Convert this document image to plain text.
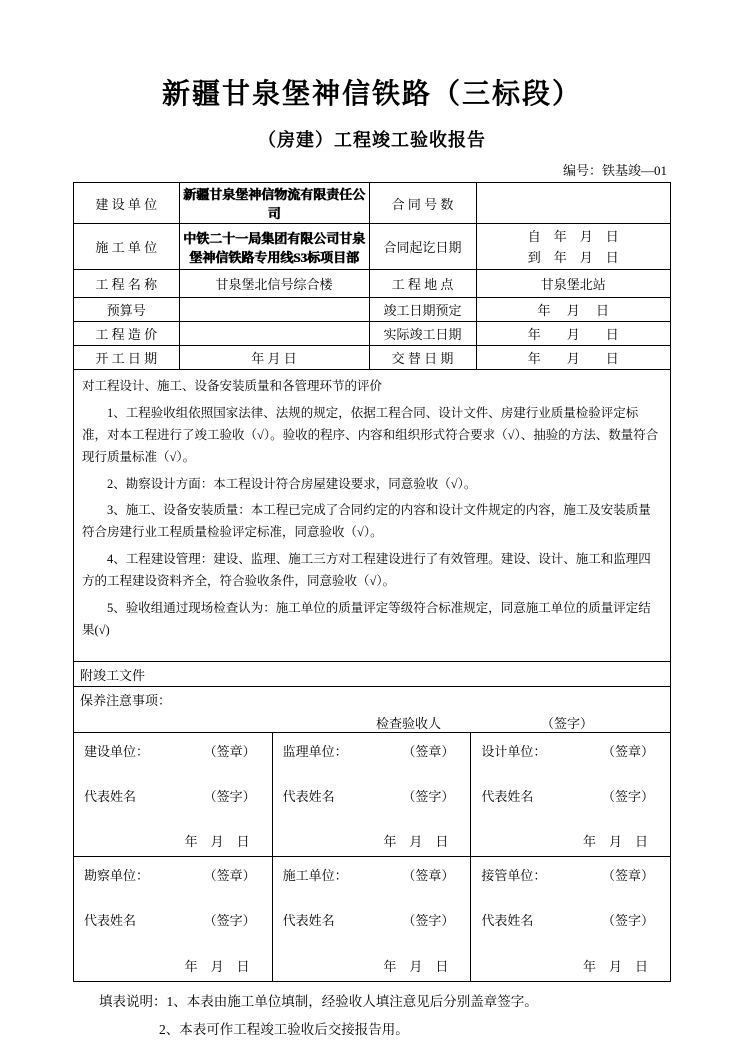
新疆甘泉堡神信铁路（三标段）
（房建）工程竣工验收报告
编号：铁基竣—01
建 设 单 位	新疆甘泉堡神信物流有限责任公司	合 同 号 数	
施 工 单 位	中铁二十一局集团有限公司甘泉堡神信铁路专用线S3标项目部	合同起讫日期	自　年　月　日
到　年　月　日

工 程 名 称	甘泉堡北信号综合楼	工 程 地 点	甘泉堡北站
预算号		竣工日期预定	年　 月 　日
工 程 造 价		实际竣工日期	年　　月　　日
开 工 日 期	年 月 日	交 替 日 期	年　　月　　日
对工程设计、施工、设备安装质量和各管理环节的评价

1、工程验收组依照国家法律、法规的规定，依据工程合同、设计文件、房建行业质量检验评定标准，对本工程进行了竣工验收（√）。验收的程序、内容和组织形式符合要求（√）、抽验的方法、数量符合现行质量标准（√）。

2、勘察设计方面：本工程设计符合房屋建设要求，同意验收（√）。

3、施工、设备安装质量：本工程已完成了合同约定的内容和设计文件规定的内容，施工及安装质量符合房建行业工程质量检验评定标准，同意验收（√）。

4、工程建设管理：建设、监理、施工三方对工程建设进行了有效管理。建设、设计、施工和监理四方的工程建设资料齐全，符合验收条件，同意验收（√）。

5、验收组通过现场检查认为：施工单位的质量评定等级符合标准规定，同意施工单位的质量评定结果(√)

附竣工文件
保养注意事项：
检查验收人	（签字）
建设单位：	（签章）
代表姓名	（签字）
年　月　日
监理单位：	（签章）
代表姓名	（签字）
年　月　日
设计单位：	（签章）
代表姓名	（签字）
年　月　日
勘察单位：	（签章）
代表姓名	（签字）
年　月　日
施工单位：	（签章）
代表姓名	（签字）
年　月　日
接管单位：	（签章）
代表姓名	（签字）
年　月　日
填表说明：1、本表由施工单位填制，经验收人填注意见后分别盖章签字。
2、本表可作工程竣工验收后交接报告用。
